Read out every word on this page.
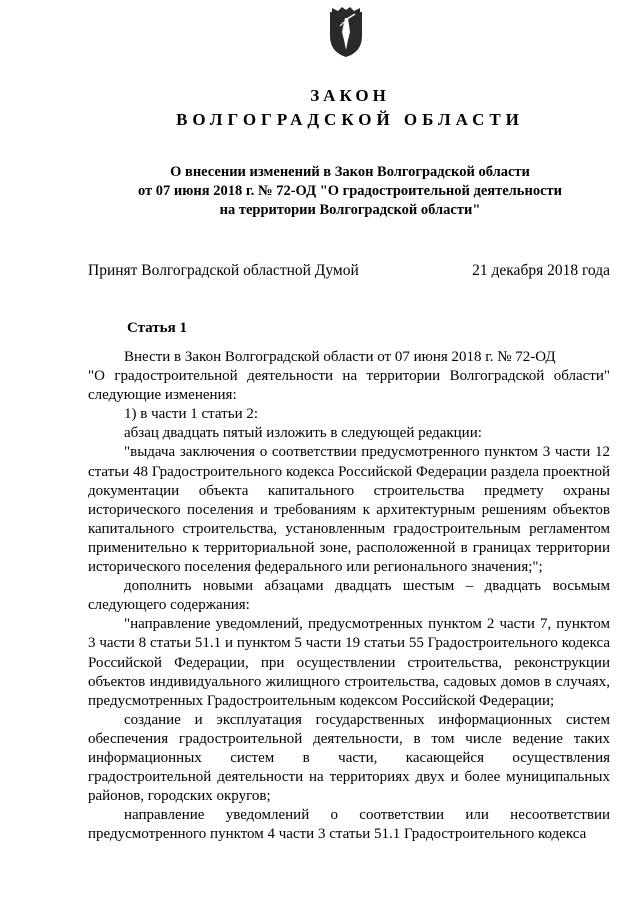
ЗАКОН
ВОЛГОГРАДСКОЙ ОБЛАСТИ
О внесении изменений в Закон Волгоградской области
от 07 июня 2018 г. № 72-ОД "О градостроительной деятельности
на территории Волгоградской области"
Принят Волгоградской областной Думой	21 декабря 2018 года
Статья 1

Внести в Закон Волгоградской области от 07 июня 2018 г. № 72-ОД

"О градостроительной деятельности на территории Волгоградской области" следующие изменения:

1) в части 1 статьи 2:

абзац двадцать пятый изложить в следующей редакции:

"выдача заключения о соответствии предусмотренного пунктом 3 части 12 статьи 48 Градостроительного кодекса Российской Федерации раздела проектной документации объекта капитального строительства предмету охраны исторического поселения и требованиям к архитектурным решениям объектов капитального строительства, установленным градостроительным регламентом применительно к территориальной зоне, расположенной в границах территории исторического поселения федерального или регионального значения;";

дополнить новыми абзацами двадцать шестым – двадцать восьмым следующего содержания:

"направление уведомлений, предусмотренных пунктом 2 части 7, пунктом 3 части 8 статьи 51.1 и пунктом 5 части 19 статьи 55 Градостроительного кодекса Российской Федерации, при осуществлении строительства, реконструкции объектов индивидуального жилищного строительства, садовых домов в случаях, предусмотренных Градостроительным кодексом Российской Федерации;

создание и эксплуатация государственных информационных систем обеспечения градостроительной деятельности, в том числе ведение таких информационных систем в части, касающейся осуществления градостроительной деятельности на территориях двух и более муниципальных районов, городских округов;

направление уведомлений о соответствии или несоответствии предусмотренного пунктом 4 части 3 статьи 51.1 Градостроительного кодекса
